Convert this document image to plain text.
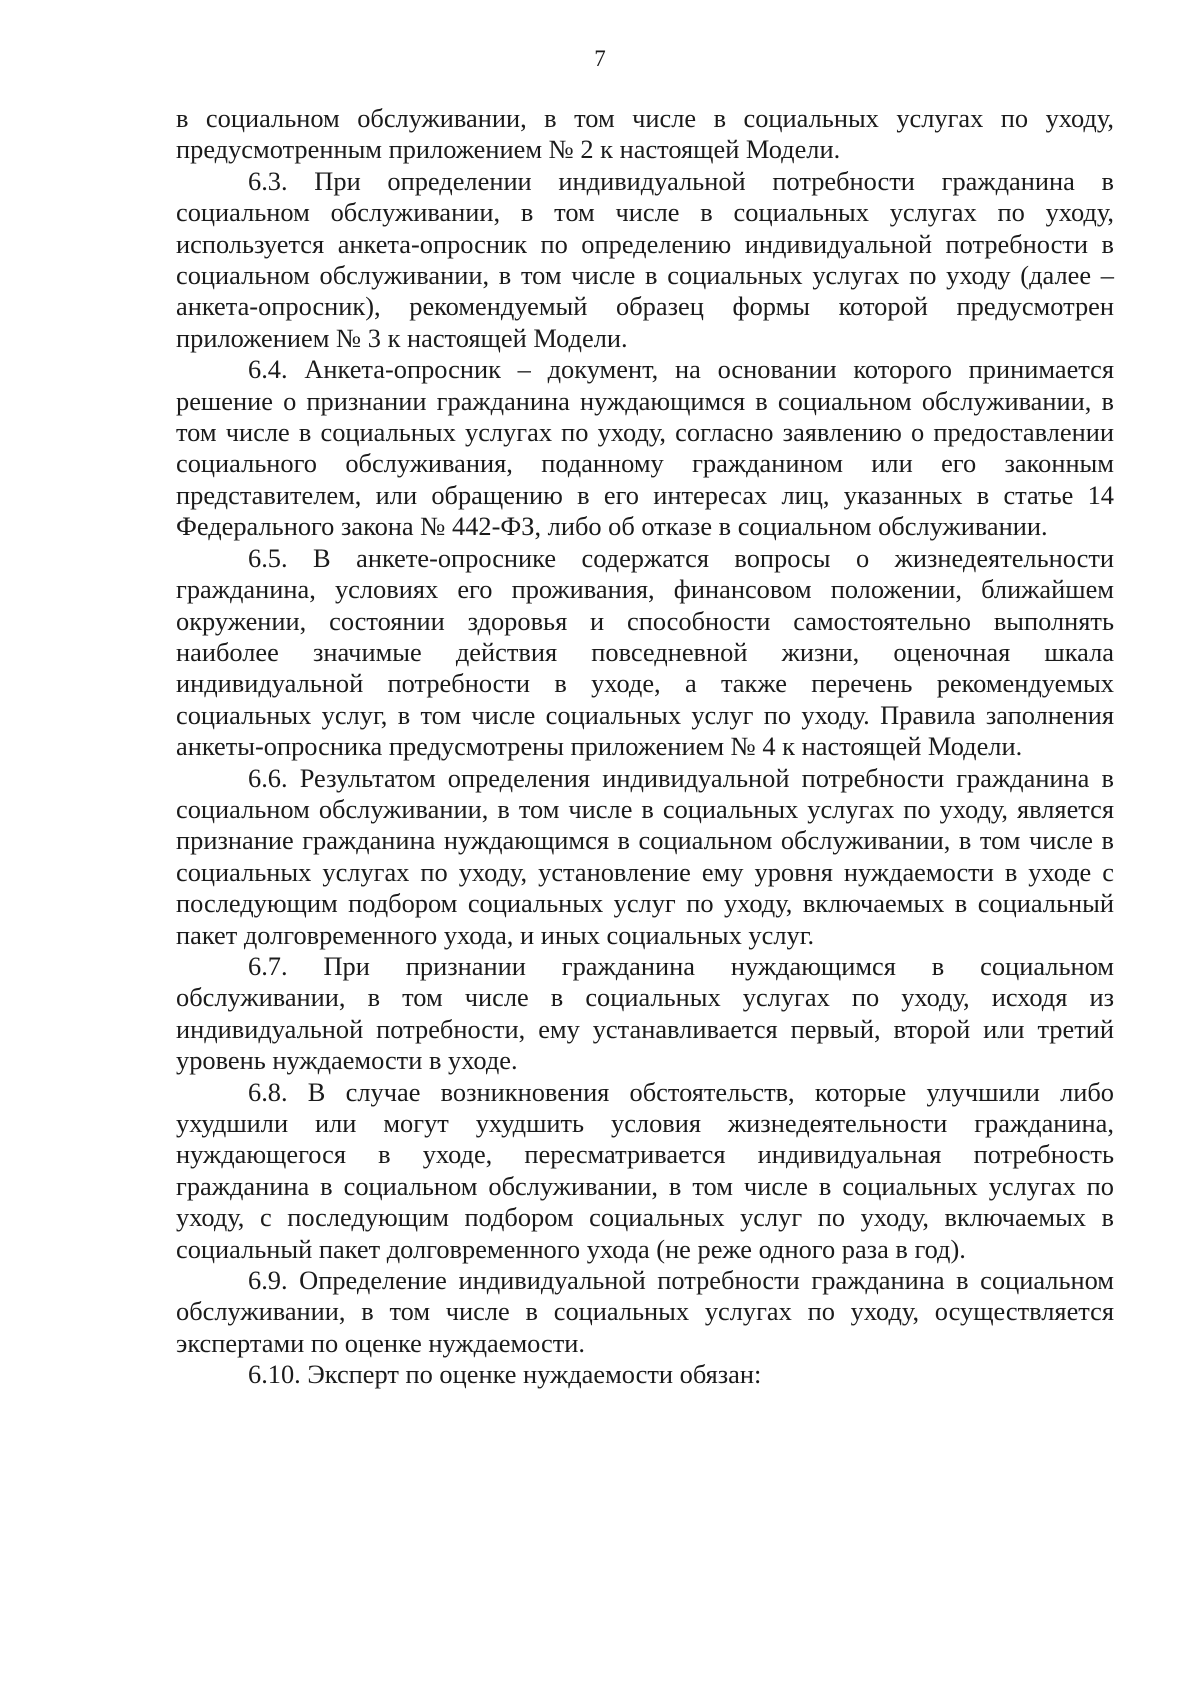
7

в социальном обслуживании, в том числе в социальных услугах по уходу, предусмотренным приложением № 2 к настоящей Модели.

6.3. При определении индивидуальной потребности гражданина в социальном обслуживании, в том числе в социальных услугах по уходу, используется анкета-опросник по определению индивидуальной потребности в социальном обслуживании, в том числе в социальных услугах по уходу (далее – анкета-опросник), рекомендуемый образец формы которой предусмотрен приложением № 3 к настоящей Модели.

6.4. Анкета-опросник – документ, на основании которого принимается решение о признании гражданина нуждающимся в социальном обслуживании, в том числе в социальных услугах по уходу, согласно заявлению о предоставлении социального обслуживания, поданному гражданином или его законным представителем, или обращению в его интересах лиц, указанных в статье 14 Федерального закона № 442-ФЗ, либо об отказе в социальном обслуживании.

6.5. В анкете-опроснике содержатся вопросы о жизнедеятельности гражданина, условиях его проживания, финансовом положении, ближайшем окружении, состоянии здоровья и способности самостоятельно выполнять наиболее значимые действия повседневной жизни, оценочная шкала индивидуальной потребности в уходе, а также перечень рекомендуемых социальных услуг, в том числе социальных услуг по уходу. Правила заполнения анкеты-опросника предусмотрены приложением № 4 к настоящей Модели.

6.6. Результатом определения индивидуальной потребности гражданина в социальном обслуживании, в том числе в социальных услугах по уходу, является признание гражданина нуждающимся в социальном обслуживании, в том числе в социальных услугах по уходу, установление ему уровня нуждаемости в уходе с последующим подбором социальных услуг по уходу, включаемых в социальный пакет долговременного ухода, и иных социальных услуг.

6.7. При признании гражданина нуждающимся в социальном обслуживании, в том числе в социальных услугах по уходу, исходя из индивидуальной потребности, ему устанавливается первый, второй или третий уровень нуждаемости в уходе.

6.8. В случае возникновения обстоятельств, которые улучшили либо ухудшили или могут ухудшить условия жизнедеятельности гражданина, нуждающегося в уходе, пересматривается индивидуальная потребность гражданина в социальном обслуживании, в том числе в социальных услугах по уходу, с последующим подбором социальных услуг по уходу, включаемых в социальный пакет долговременного ухода (не реже одного раза в год).

6.9. Определение индивидуальной потребности гражданина в социальном обслуживании, в том числе в социальных услугах по уходу, осуществляется экспертами по оценке нуждаемости.

6.10. Эксперт по оценке нуждаемости обязан:
